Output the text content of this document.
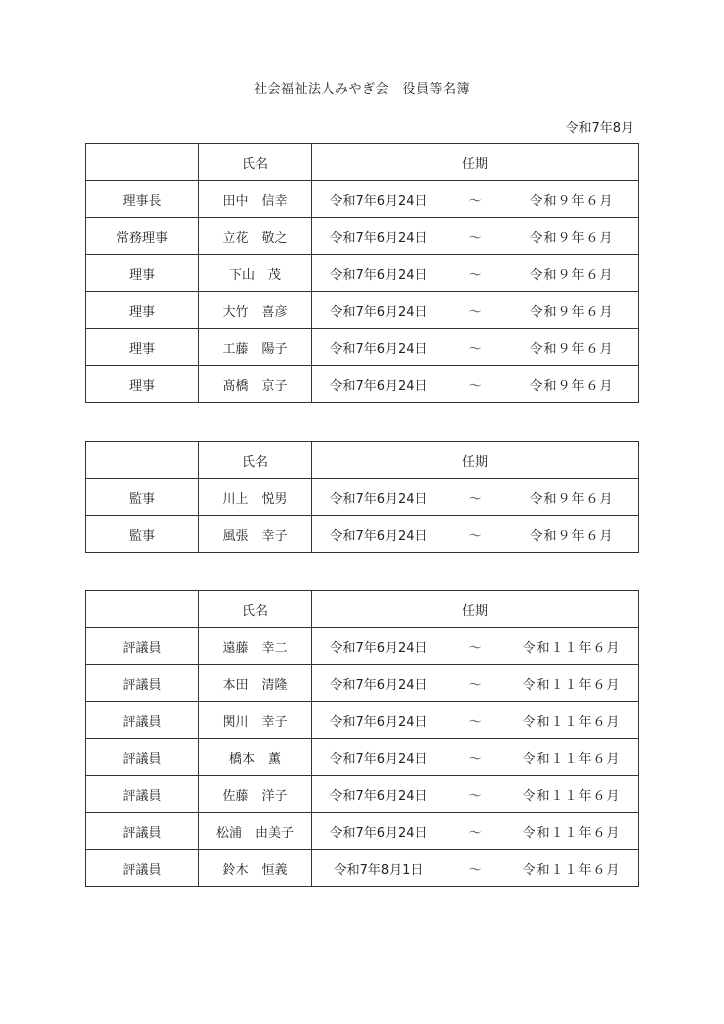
社会福祉法人みやぎ会　役員等名簿
令和7年8月
	氏名	任期
理事長	田中　信幸	令和7年6月24日 ～ 令和９年６月

常務理事	立花　敬之	令和7年6月24日 ～ 令和９年６月

理事	下山　茂	令和7年6月24日 ～ 令和９年６月

理事	大竹　喜彦	令和7年6月24日 ～ 令和９年６月

理事	工藤　陽子	令和7年6月24日 ～ 令和９年６月

理事	髙橋　京子	令和7年6月24日 ～ 令和９年６月
	氏名	任期
監事	川上　悦男	令和7年6月24日 ～ 令和９年６月

監事	風張　幸子	令和7年6月24日 ～ 令和９年６月
	氏名	任期
評議員	遠藤　幸二	令和7年6月24日 ～ 令和１１年６月

評議員	本田　清隆	令和7年6月24日 ～ 令和１１年６月

評議員	関川　幸子	令和7年6月24日 ～ 令和１１年６月

評議員	橋本　薫	令和7年6月24日 ～ 令和１１年６月

評議員	佐藤　洋子	令和7年6月24日 ～ 令和１１年６月

評議員	松浦　由美子	令和7年6月24日 ～ 令和１１年６月

評議員	鈴木　恒義	令和7年8月1日 ～ 令和１１年６月
